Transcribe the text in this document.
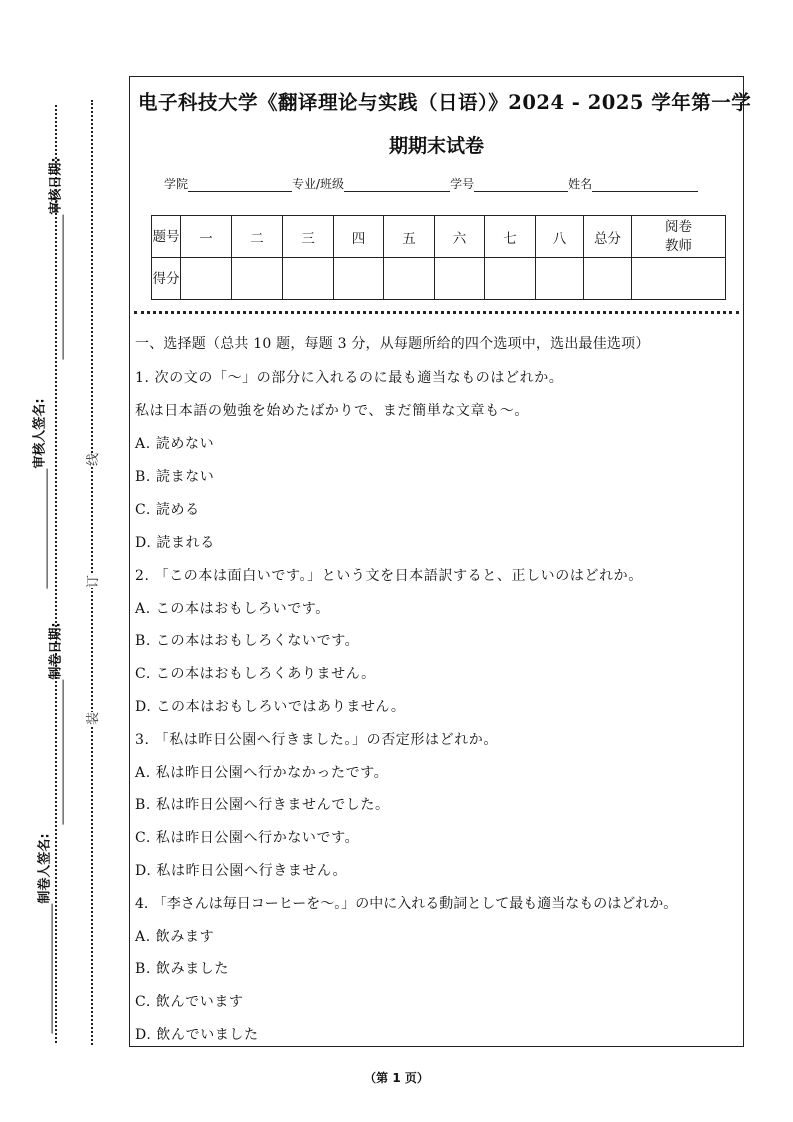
审核日期:
审核人签名:
制卷日期:
制卷人签名:
线
订
装
电子科技大学《翻译理论与实践（日语）》2024 - 2025 学年第一学
期期末试卷
学院	专业/班级	学号	姓名
题号	一	二	三	四	五	六	七	八	总分	阅卷教师
得分										
一、选择题（总共 10 题，每题 3 分，从每题所给的四个选项中，选出最佳选项）
1. 次の文の「～」の部分に入れるのに最も適当なものはどれか。
私は日本語の勉強を始めたばかりで、まだ簡単な文章も～。
A. 読めない
B. 読まない
C. 読める
D. 読まれる
2. 「この本は面白いです。」という文を日本語訳すると、正しいのはどれか。
A. この本はおもしろいです。
B. この本はおもしろくないです。
C. この本はおもしろくありません。
D. この本はおもしろいではありません。
3. 「私は昨日公園へ行きました。」の否定形はどれか。
A. 私は昨日公園へ行かなかったです。
B. 私は昨日公園へ行きませんでした。
C. 私は昨日公園へ行かないです。
D. 私は昨日公園へ行きません。
4. 「李さんは毎日コーヒーを～。」の中に入れる動詞として最も適当なものはどれか。
A. 飲みます
B. 飲みました
C. 飲んでいます
D. 飲んでいました
（第 1 页）
